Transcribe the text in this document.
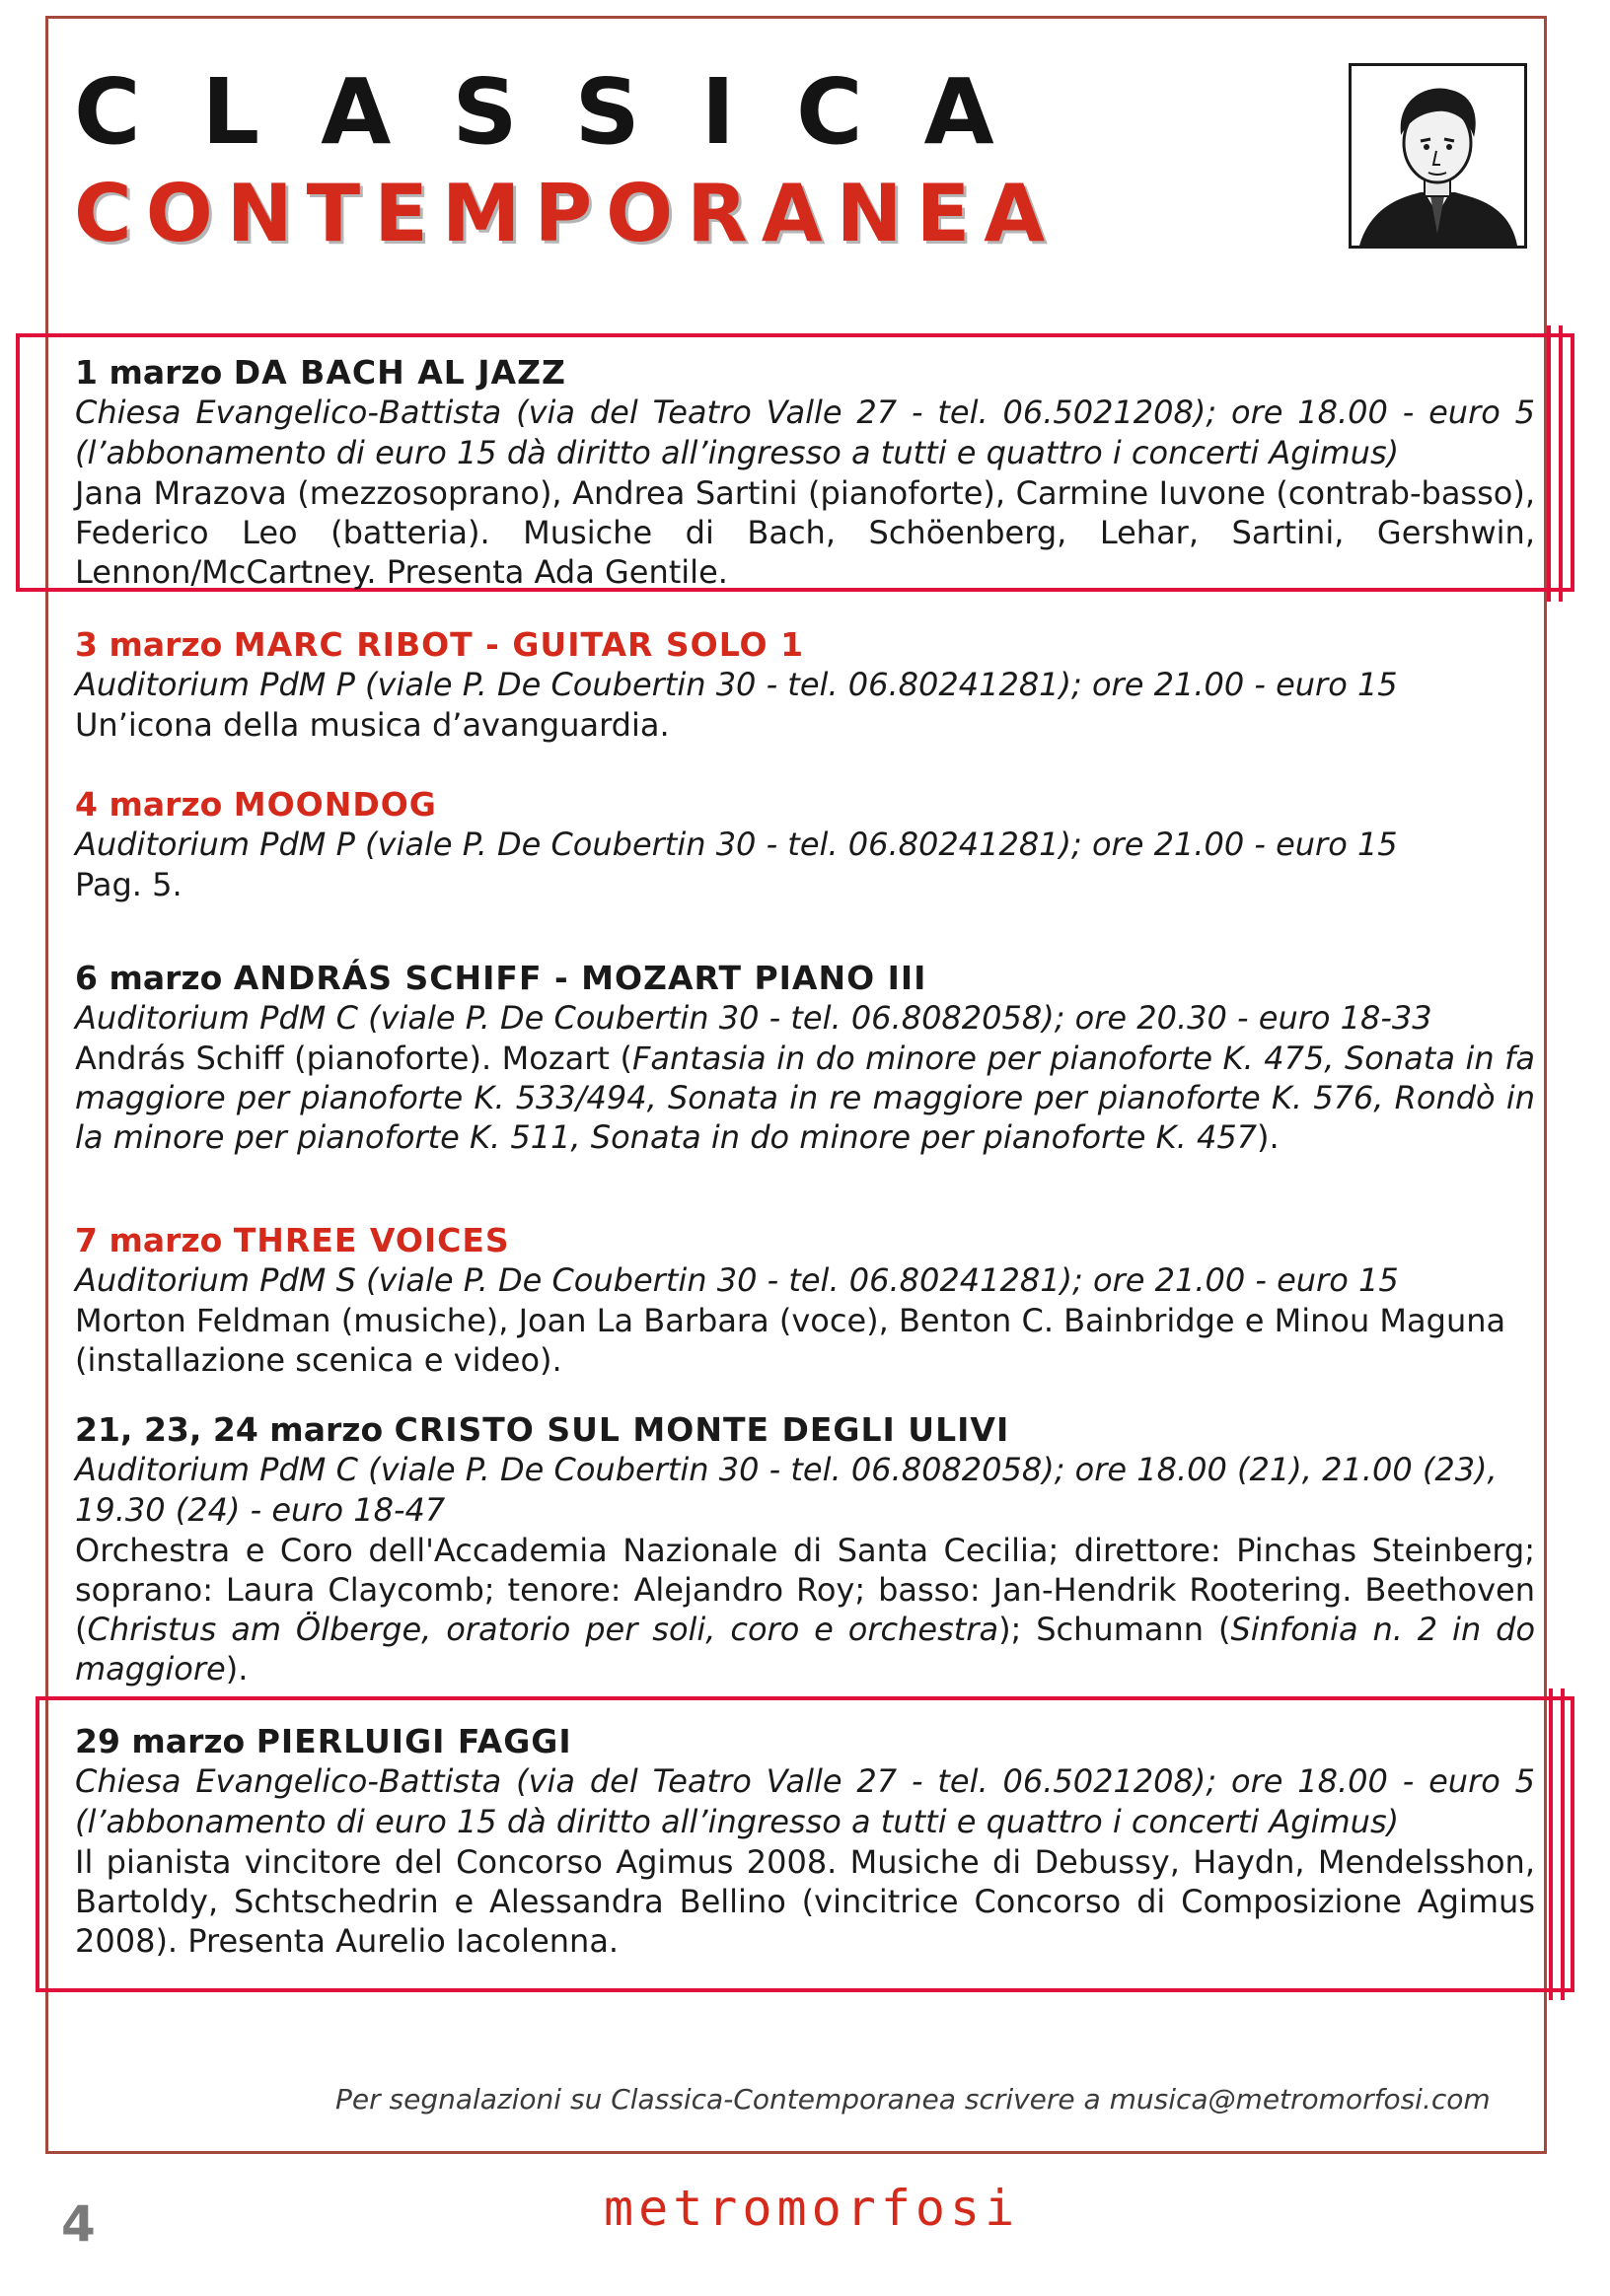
CLASSICA
CONTEMPORANEA
1 marzo DA BACH AL JAZZ
Chiesa Evangelico-Battista (via del Teatro Valle 27 - tel. 06.5021208); ore 18.00 - euro 5 (l’abbonamento di euro 15 dà diritto all’ingresso a tutti e quattro i concerti Agimus)
Jana Mrazova (mezzosoprano), Andrea Sartini (pianoforte), Carmine Iuvone (contrab-basso), Federico Leo (batteria). Musiche di Bach, Schöenberg, Lehar, Sartini, Gershwin, Lennon/McCartney. Presenta Ada Gentile.
3 marzo MARC RIBOT - GUITAR SOLO 1
Auditorium PdM P (viale P. De Coubertin 30 - tel. 06.80241281); ore 21.00 - euro 15
Un’icona della musica d’avanguardia.
4 marzo MOONDOG
Auditorium PdM P (viale P. De Coubertin 30 - tel. 06.80241281); ore 21.00 - euro 15
Pag. 5.
6 marzo ANDRÁS SCHIFF - MOZART PIANO III
Auditorium PdM C (viale P. De Coubertin 30 - tel. 06.8082058); ore 20.30 - euro 18-33
András Schiff (pianoforte). Mozart (Fantasia in do minore per pianoforte K. 475, Sonata in fa maggiore per pianoforte K. 533/494, Sonata in re maggiore per pianoforte K. 576, Rondò in la minore per pianoforte K. 511, Sonata in do minore per pianoforte K. 457).
7 marzo THREE VOICES
Auditorium PdM S (viale P. De Coubertin 30 - tel. 06.80241281); ore 21.00 - euro 15
Morton Feldman (musiche), Joan La Barbara (voce), Benton C. Bainbridge e Minou Maguna (installazione scenica e video).
21, 23, 24 marzo CRISTO SUL MONTE DEGLI ULIVI
Auditorium PdM C (viale P. De Coubertin 30 - tel. 06.8082058); ore 18.00 (21), 21.00 (23), 19.30 (24) - euro 18-47
Orchestra e Coro dell'Accademia Nazionale di Santa Cecilia; direttore: Pinchas Steinberg; soprano: Laura Claycomb; tenore: Alejandro Roy; basso: Jan-Hendrik Rootering. Beethoven (Christus am Ölberge, oratorio per soli, coro e orchestra); Schumann (Sinfonia n. 2 in do maggiore).
29 marzo PIERLUIGI FAGGI
Chiesa Evangelico-Battista (via del Teatro Valle 27 - tel. 06.5021208); ore 18.00 - euro 5 (l’abbonamento di euro 15 dà diritto all’ingresso a tutti e quattro i concerti Agimus)
Il pianista vincitore del Concorso Agimus 2008. Musiche di Debussy, Haydn, Mendelsshon, Bartoldy, Schtschedrin e Alessandra Bellino (vincitrice Concorso di Composizione Agimus 2008). Presenta Aurelio Iacolenna.
Per segnalazioni su Classica-Contemporanea scrivere a musica@metromorfosi.com
4	metromorfosi
